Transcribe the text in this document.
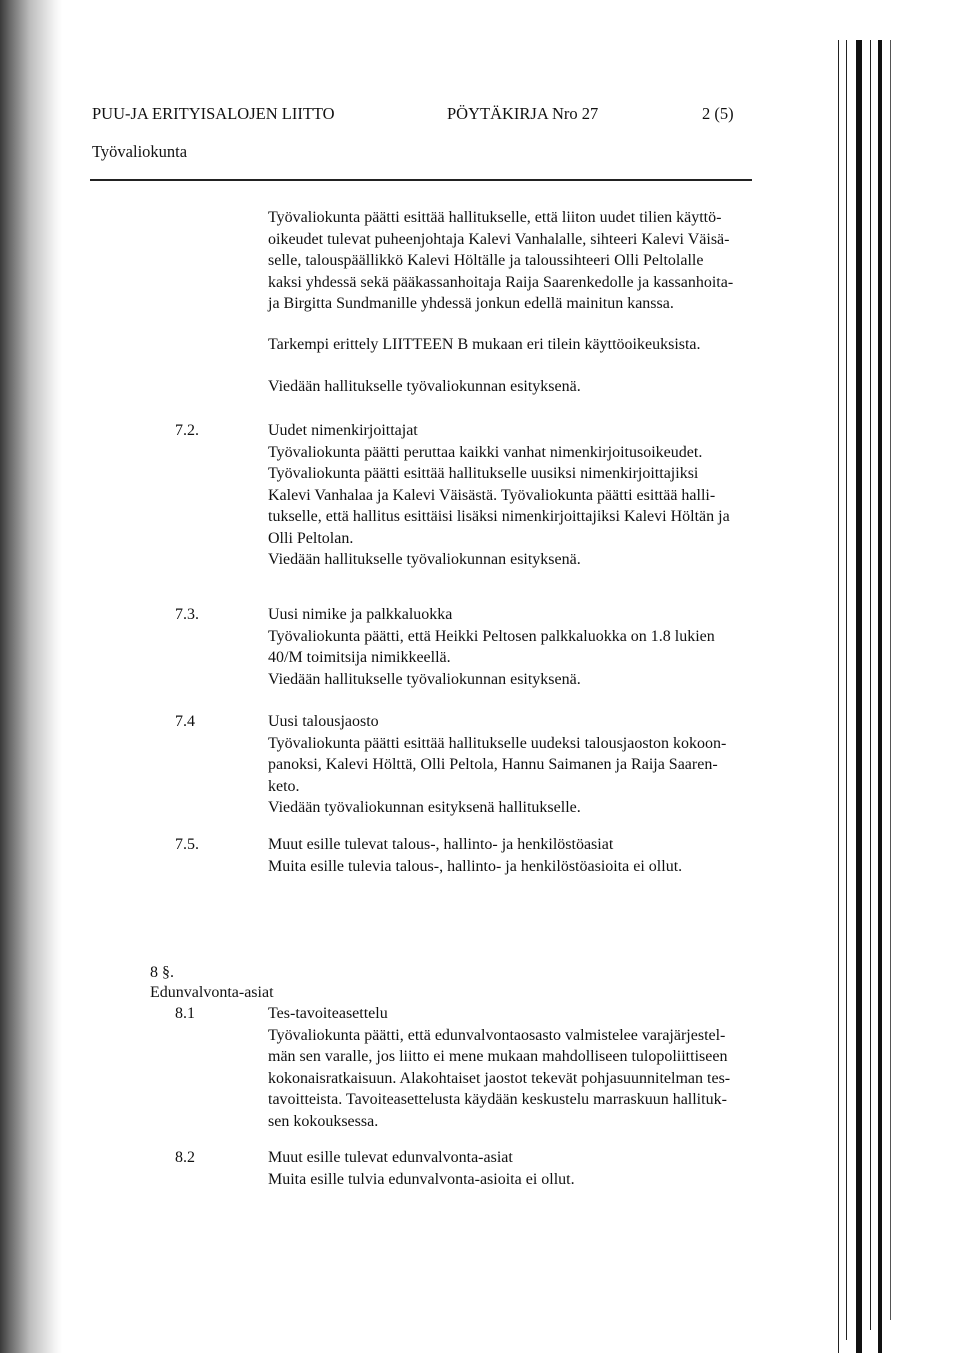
PUU-JA ERITYISALOJEN LIITTO	PÖYTÄKIRJA Nro 27	2 (5)
Työvaliokunta
Työvaliokunta päätti esittää hallitukselle, että liiton uudet tilien käyttö-
oikeudet tulevat puheenjohtaja Kalevi Vanhalalle, sihteeri Kalevi Väisä-
selle, talouspäällikkö Kalevi Höltälle ja taloussihteeri Olli Peltolalle
kaksi yhdessä sekä pääkassanhoitaja Raija Saarenkedolle ja kassanhoita-
ja Birgitta Sundmanille yhdessä jonkun edellä mainitun kanssa.
Tarkempi erittely LIITTEEN B mukaan eri tilein käyttöoikeuksista.
Viedään hallitukselle työvaliokunnan esityksenä.
7.2.	Uudet nimenkirjoittajat
Työvaliokunta päätti peruttaa kaikki vanhat nimenkirjoitusoikeudet.
Työvaliokunta päätti esittää hallitukselle uusiksi nimenkirjoittajiksi
Kalevi Vanhalaa ja Kalevi Väisästä. Työvaliokunta päätti esittää halli-
tukselle, että hallitus esittäisi lisäksi nimenkirjoittajiksi Kalevi Höltän ja
Olli Peltolan.
Viedään hallitukselle työvaliokunnan esityksenä.
7.3.	Uusi nimike ja palkkaluokka
Työvaliokunta päätti, että Heikki Peltosen palkkaluokka on 1.8 lukien
40/M toimitsija nimikkeellä.
Viedään hallitukselle työvaliokunnan esityksenä.
7.4	Uusi talousjaosto
Työvaliokunta päätti esittää hallitukselle uudeksi talousjaoston kokoon-
panoksi, Kalevi Hölttä, Olli Peltola, Hannu Saimanen ja Raija Saaren-
keto.
Viedään työvaliokunnan esityksenä hallitukselle.
7.5.	Muut esille tulevat talous-, hallinto- ja henkilöstöasiat
Muita esille tulevia talous-, hallinto- ja henkilöstöasioita ei ollut.
8 §.
Edunvalvonta-asiat
8.1	Tes-tavoiteasettelu
Työvaliokunta päätti, että edunvalvontaosasto valmistelee varajärjestel-
män sen varalle, jos liitto ei mene mukaan mahdolliseen tulopoliittiseen
kokonaisratkaisuun. Alakohtaiset jaostot tekevät pohjasuunnitelman tes-
tavoitteista. Tavoiteasettelusta käydään keskustelu marraskuun hallituk-
sen kokouksessa.
8.2	Muut esille tulevat edunvalvonta-asiat
Muita esille tulvia edunvalvonta-asioita ei ollut.
